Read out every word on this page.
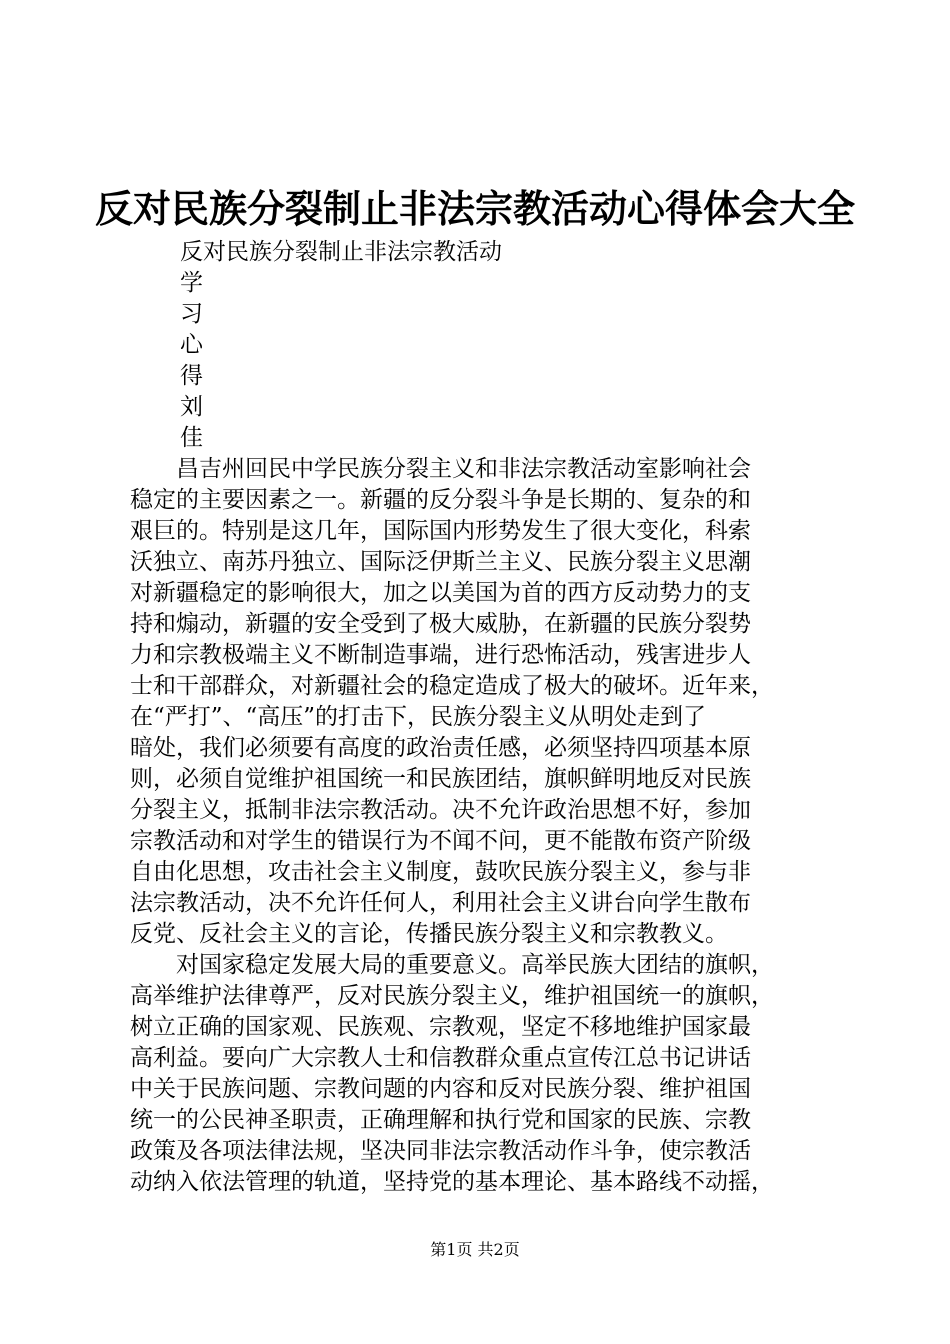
反对民族分裂制止非法宗教活动心得体会大全
反对民族分裂制止非法宗教活动
学
习
心
得
刘
佳
　　昌吉州回民中学民族分裂主义和非法宗教活动室影响社会
稳定的主要因素之一。新疆的反分裂斗争是长期的、复杂的和
艰巨的。特别是这几年，国际国内形势发生了很大变化，科索
沃独立、南苏丹独立、国际泛伊斯兰主义、民族分裂主义思潮
对新疆稳定的影响很大，加之以美国为首的西方反动势力的支
持和煽动，新疆的安全受到了极大威胁，在新疆的民族分裂势
力和宗教极端主义不断制造事端，进行恐怖活动，残害进步人
士和干部群众，对新疆社会的稳定造成了极大的破坏。近年来，
在“严打”、“高压”的打击下，民族分裂主义从明处走到了
暗处，我们必须要有高度的政治责任感，必须坚持四项基本原
则，必须自觉维护祖国统一和民族团结，旗帜鲜明地反对民族
分裂主义，抵制非法宗教活动。决不允许政治思想不好，参加
宗教活动和对学生的错误行为不闻不问，更不能散布资产阶级
自由化思想，攻击社会主义制度，鼓吹民族分裂主义，参与非
法宗教活动，决不允许任何人，利用社会主义讲台向学生散布
反党、反社会主义的言论，传播民族分裂主义和宗教教义。
　　对国家稳定发展大局的重要意义。高举民族大团结的旗帜，
高举维护法律尊严，反对民族分裂主义，维护祖国统一的旗帜，
树立正确的国家观、民族观、宗教观，坚定不移地维护国家最
高利益。要向广大宗教人士和信教群众重点宣传江总书记讲话
中关于民族问题、宗教问题的内容和反对民族分裂、维护祖国
统一的公民神圣职责，正确理解和执行党和国家的民族、宗教
政策及各项法律法规，坚决同非法宗教活动作斗争，使宗教活
动纳入依法管理的轨道，坚持党的基本理论、基本路线不动摇，
第1页 共2页
